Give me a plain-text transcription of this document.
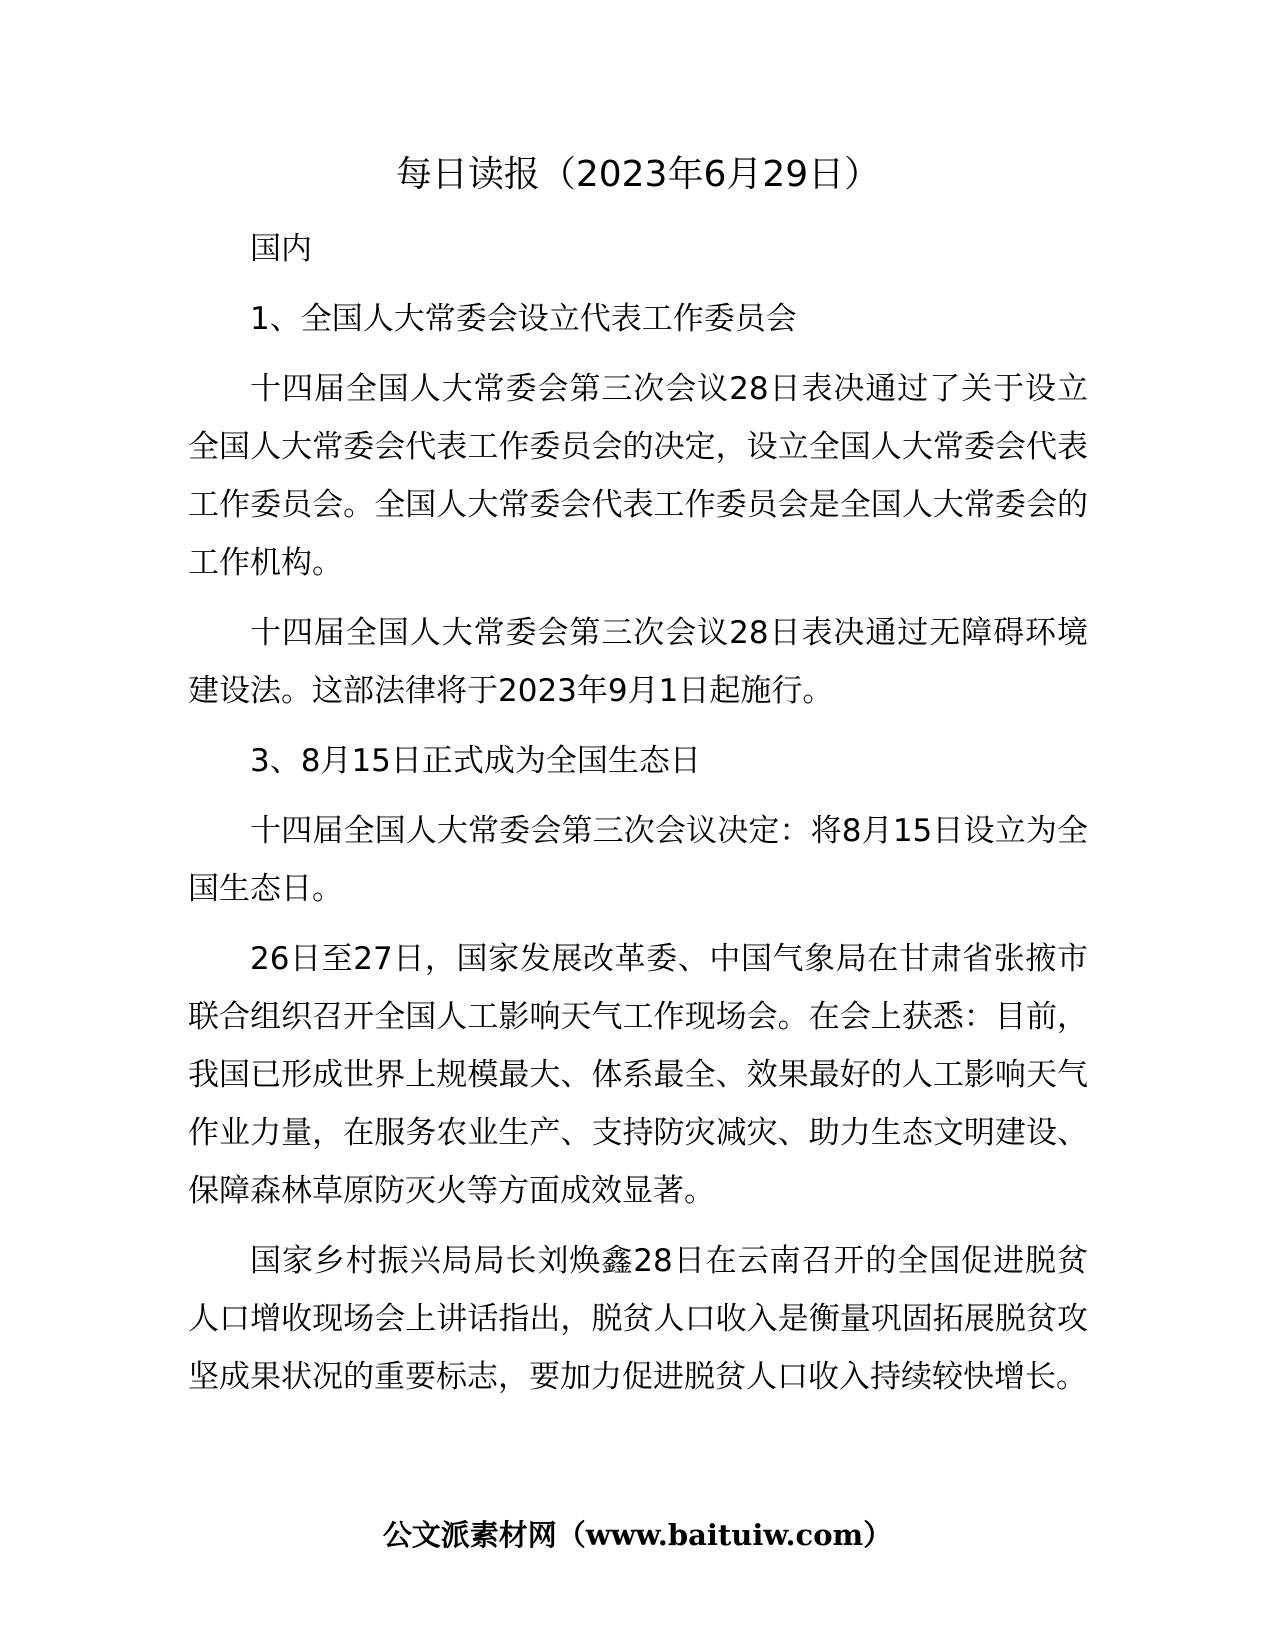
每日读报（2023年6月29日）
国内
1、全国人大常委会设立代表工作委员会

十四届全国人大常委会第三次会议28日表决通过了关于设立全国人大常委会代表工作委员会的决定，设立全国人大常委会代表工作委员会。全国人大常委会代表工作委员会是全国人大常委会的工作机构。

十四届全国人大常委会第三次会议28日表决通过无障碍环境建设法。这部法律将于2023年9月1日起施行。

3、8月15日正式成为全国生态日

十四届全国人大常委会第三次会议决定：将8月15日设立为全国生态日。

26日至27日，国家发展改革委、中国气象局在甘肃省张掖市联合组织召开全国人工影响天气工作现场会。在会上获悉：目前，我国已形成世界上规模最大、体系最全、效果最好的人工影响天气作业力量，在服务农业生产、支持防灾减灾、助力生态文明建设、保障森林草原防灭火等方面成效显著。

国家乡村振兴局局长刘焕鑫28日在云南召开的全国促进脱贫人口增收现场会上讲话指出，脱贫人口收入是衡量巩固拓展脱贫攻坚成果状况的重要标志，要加力促进脱贫人口收入持续较快增长。

公文派素材网（www.baituiw.com）
